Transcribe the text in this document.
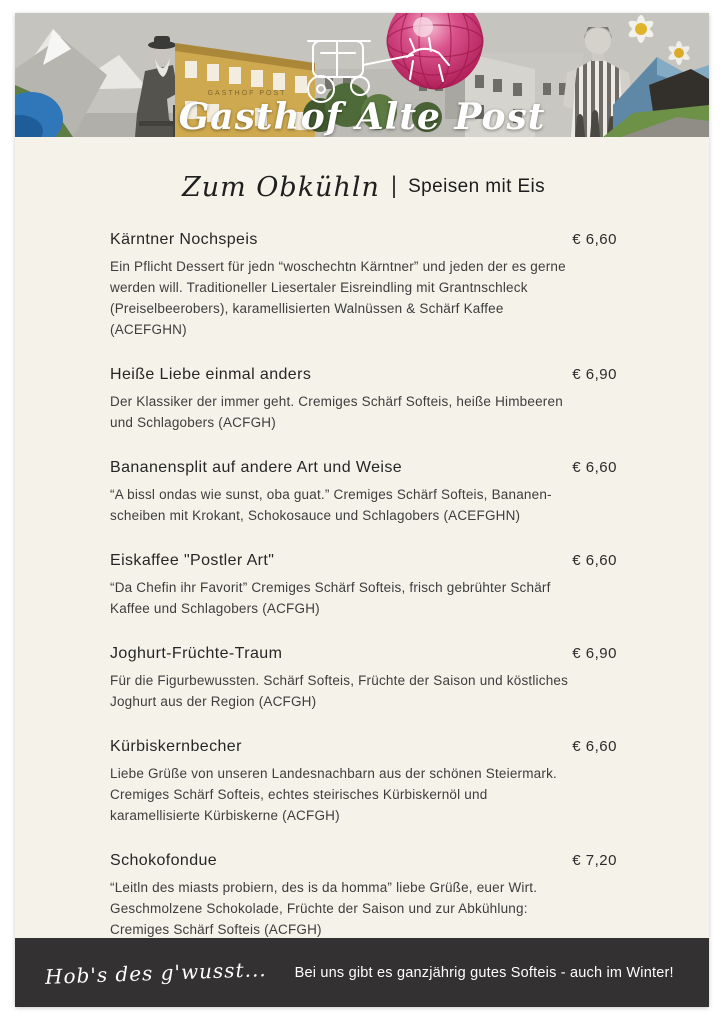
GASTHOF POST
Gasthof Alte Post
Zum Obkühln | Speisen mit Eis
Kärntner Nochspeis	€ 6,60

Ein Pflicht Dessert für jedn “woschechtn Kärntner” und jeden der es gerne werden will. Traditioneller Liesertaler Eisreindling mit Grantnschleck (Preiselbeerobers), karamellisierten Walnüssen & Schärf Kaffee (ACEFGHN)

Heiße Liebe einmal anders	€ 6,90

Der Klassiker der immer geht. Cremiges Schärf Softeis, heiße Himbeeren und Schlagobers (ACFGH)

Bananensplit auf andere Art und Weise	€ 6,60

“A bissl ondas wie sunst, oba guat.” Cremiges Schärf Softeis, Bananen-scheiben mit Krokant, Schokosauce und Schlagobers (ACEFGHN)

Eiskaffee "Postler Art"	€ 6,60

“Da Chefin ihr Favorit” Cremiges Schärf Softeis, frisch gebrühter Schärf Kaffee und Schlagobers (ACFGH)

Joghurt-Früchte-Traum	€ 6,90

Für die Figurbewussten. Schärf Softeis, Früchte der Saison und köstliches Joghurt aus der Region (ACFGH)

Kürbiskernbecher	€ 6,60

Liebe Grüße von unseren Landesnachbarn aus der schönen Steiermark. Cremiges Schärf Softeis, echtes steirisches Kürbiskernöl und karamellisierte Kürbiskerne (ACFGH)

Schokofondue	€ 7,20

“Leitln des miasts probiern, des is da homma” liebe Grüße, euer Wirt. Geschmolzene Schokolade, Früchte der Saison und zur Abkühlung: Cremiges Schärf Softeis (ACFGH)

Hob's des g'wusst... Bei uns gibt es ganzjährig gutes Softeis - auch im Winter!
